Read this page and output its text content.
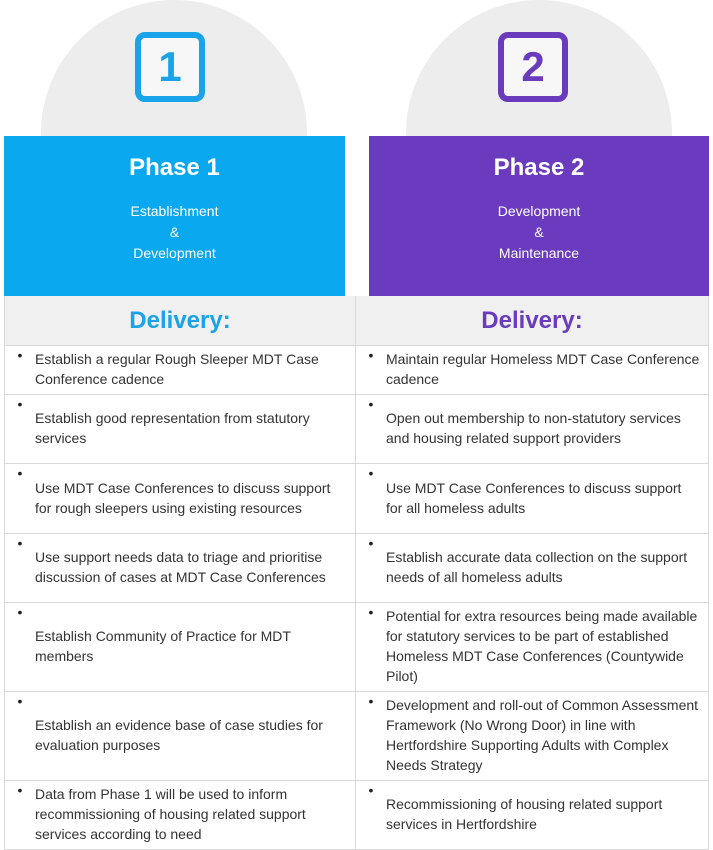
1
Phase 1
Establishment
&
Development
2
Phase 2
Development
&
Maintenance
Delivery:	Delivery:
• Establish a regular Rough Sleeper MDT Case Conference cadence
• Maintain regular Homeless MDT Case Conference cadence
•
Establish good representation from statutory services
•
Open out membership to non-statutory services and housing related support providers
•
Use MDT Case Conferences to discuss support for rough sleepers using existing resources
•
Use MDT Case Conferences to discuss support for all homeless adults
•
Use support needs data to triage and prioritise discussion of cases at MDT Case Conferences
•
Establish accurate data collection on the support needs of all homeless adults
•
Establish Community of Practice for MDT members
• Potential for extra resources being made available for statutory services to be part of established Homeless MDT Case Conferences (Countywide Pilot)
•
Establish an evidence base of case studies for evaluation purposes
• Development and roll-out of Common Assessment Framework (No Wrong Door) in line with Hertfordshire Supporting Adults with Complex Needs Strategy
• Data from Phase 1 will be used to inform recommissioning of housing related support services according to need
•
Recommissioning of housing related support services in Hertfordshire
